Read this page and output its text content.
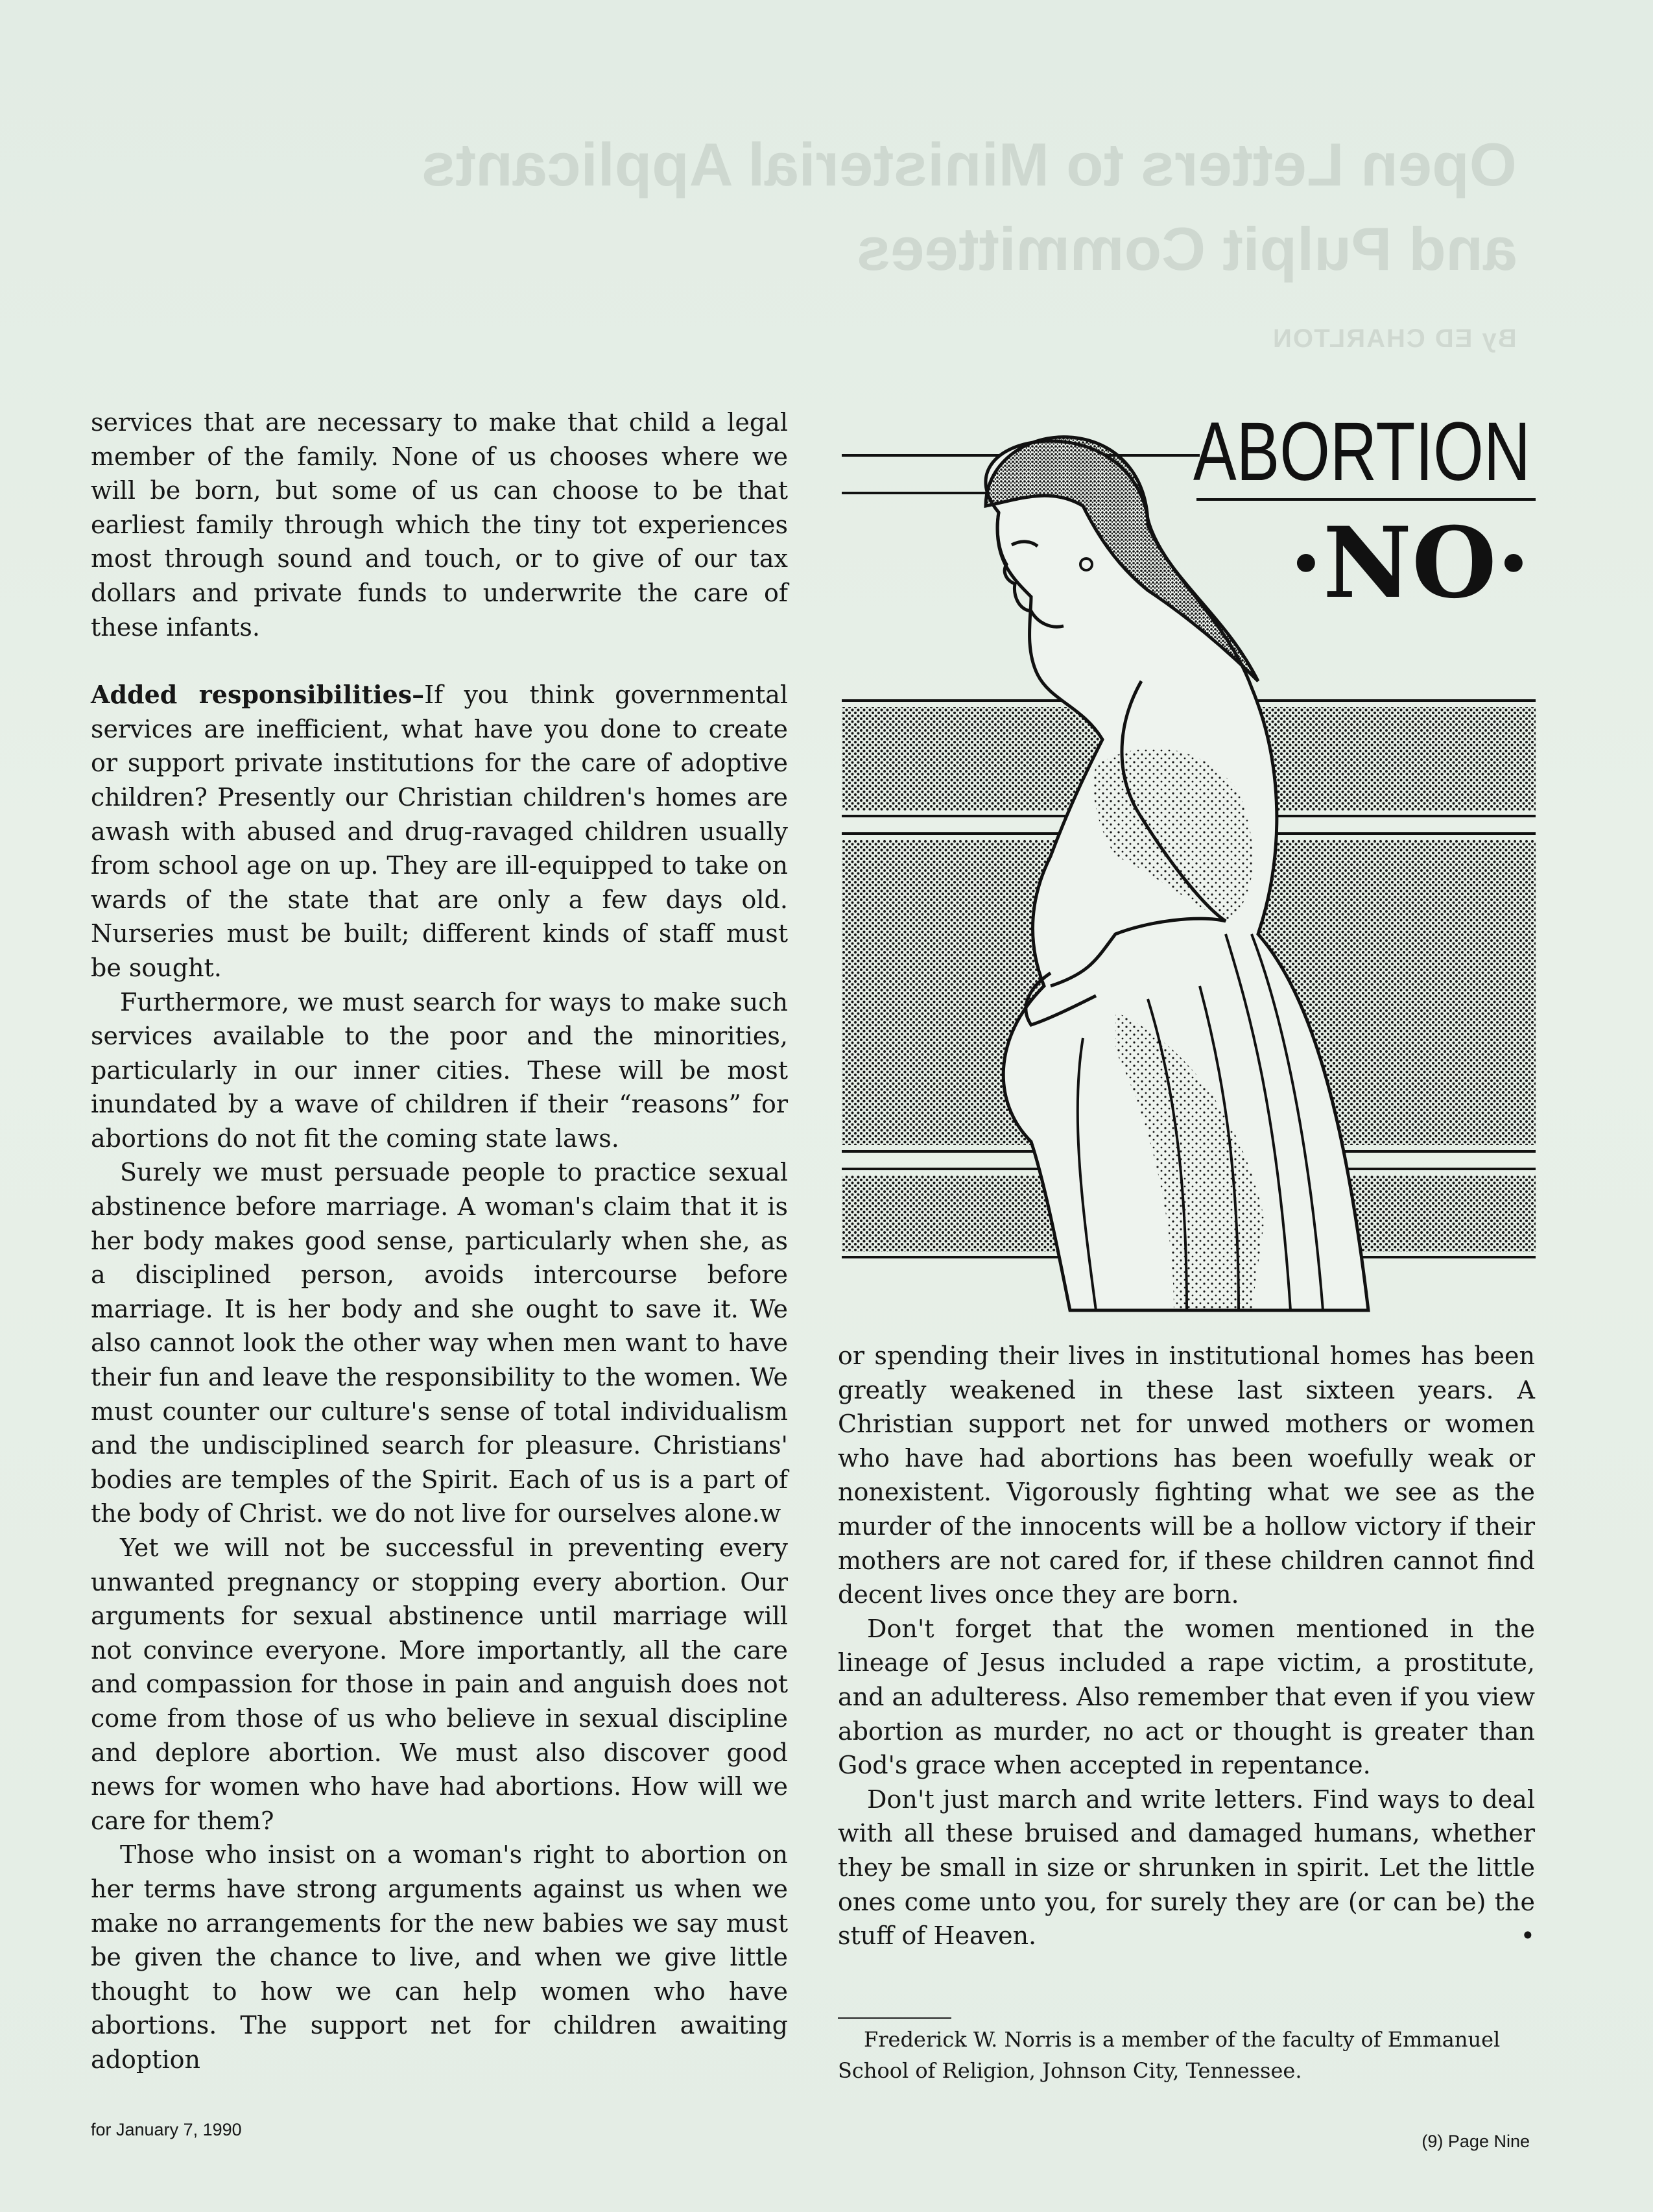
Open Letters to Ministerial Applicants
and Pulpit Committees
By ED CHARLTON

services that are necessary to make that child a legal member of the family. None of us chooses where we will be born, but some of us can choose to be that earliest family through which the tiny tot experiences most through sound and touch, or to give of our tax dollars and private funds to underwrite the care of these infants.

Added responsibilities–If you think governmental services are inefficient, what have you done to create or support private institutions for the care of adoptive children? Presently our Christian children's homes are awash with abused and drug-ravaged children usually from school age on up. They are ill-equipped to take on wards of the state that are only a few days old. Nurseries must be built; different kinds of staff must be sought.

Furthermore, we must search for ways to make such services available to the poor and the minorities, particularly in our inner cities. These will be most inundated by a wave of children if their “reasons” for abortions do not fit the coming state laws.

Surely we must persuade people to practice sexual abstinence before marriage. A woman's claim that it is her body makes good sense, particularly when she, as a disciplined person, avoids intercourse before marriage. It is her body and she ought to save it. We also cannot look the other way when men want to have their fun and leave the responsibility to the women. We must counter our culture's sense of total individualism and the undisciplined search for pleasure. Christians' bodies are temples of the Spirit. Each of us is a part of the body of Christ. we do not live for ourselves alone.w

Yet we will not be successful in preventing every unwanted pregnancy or stopping every abortion. Our arguments for sexual abstinence until marriage will not convince everyone. More importantly, all the care and compassion for those in pain and anguish does not come from those of us who believe in sexual discipline and deplore abortion. We must also discover good news for women who have had abortions. How will we care for them?

Those who insist on a woman's right to abortion on her terms have strong arguments against us when we make no arrangements for the new babies we say must be given the chance to live, and when we give little thought to how we can help women who have abortions. The support net for children awaiting adoption

ABORTION
·NO·

or spending their lives in institutional homes has been greatly weakened in these last sixteen years. A Christian support net for unwed mothers or women who have had abortions has been woefully weak or nonexistent. Vigorously fighting what we see as the murder of the innocents will be a hollow victory if their mothers are not cared for, if these children cannot find decent lives once they are born.

Don't forget that the women mentioned in the lineage of Jesus included a rape victim, a prostitute, and an adulteress. Also remember that even if you view abortion as murder, no act or thought is greater than God's grace when accepted in repentance.

Don't just march and write letters. Find ways to deal with all these bruised and damaged humans, whether they be small in size or shrunken in spirit. Let the little ones come unto you, for surely they are (or can be) the stuff of Heaven.	•

Frederick W. Norris is a member of the faculty of Emmanuel School of Religion, Johnson City, Tennessee.

for January 7, 1990
(9) Page Nine
